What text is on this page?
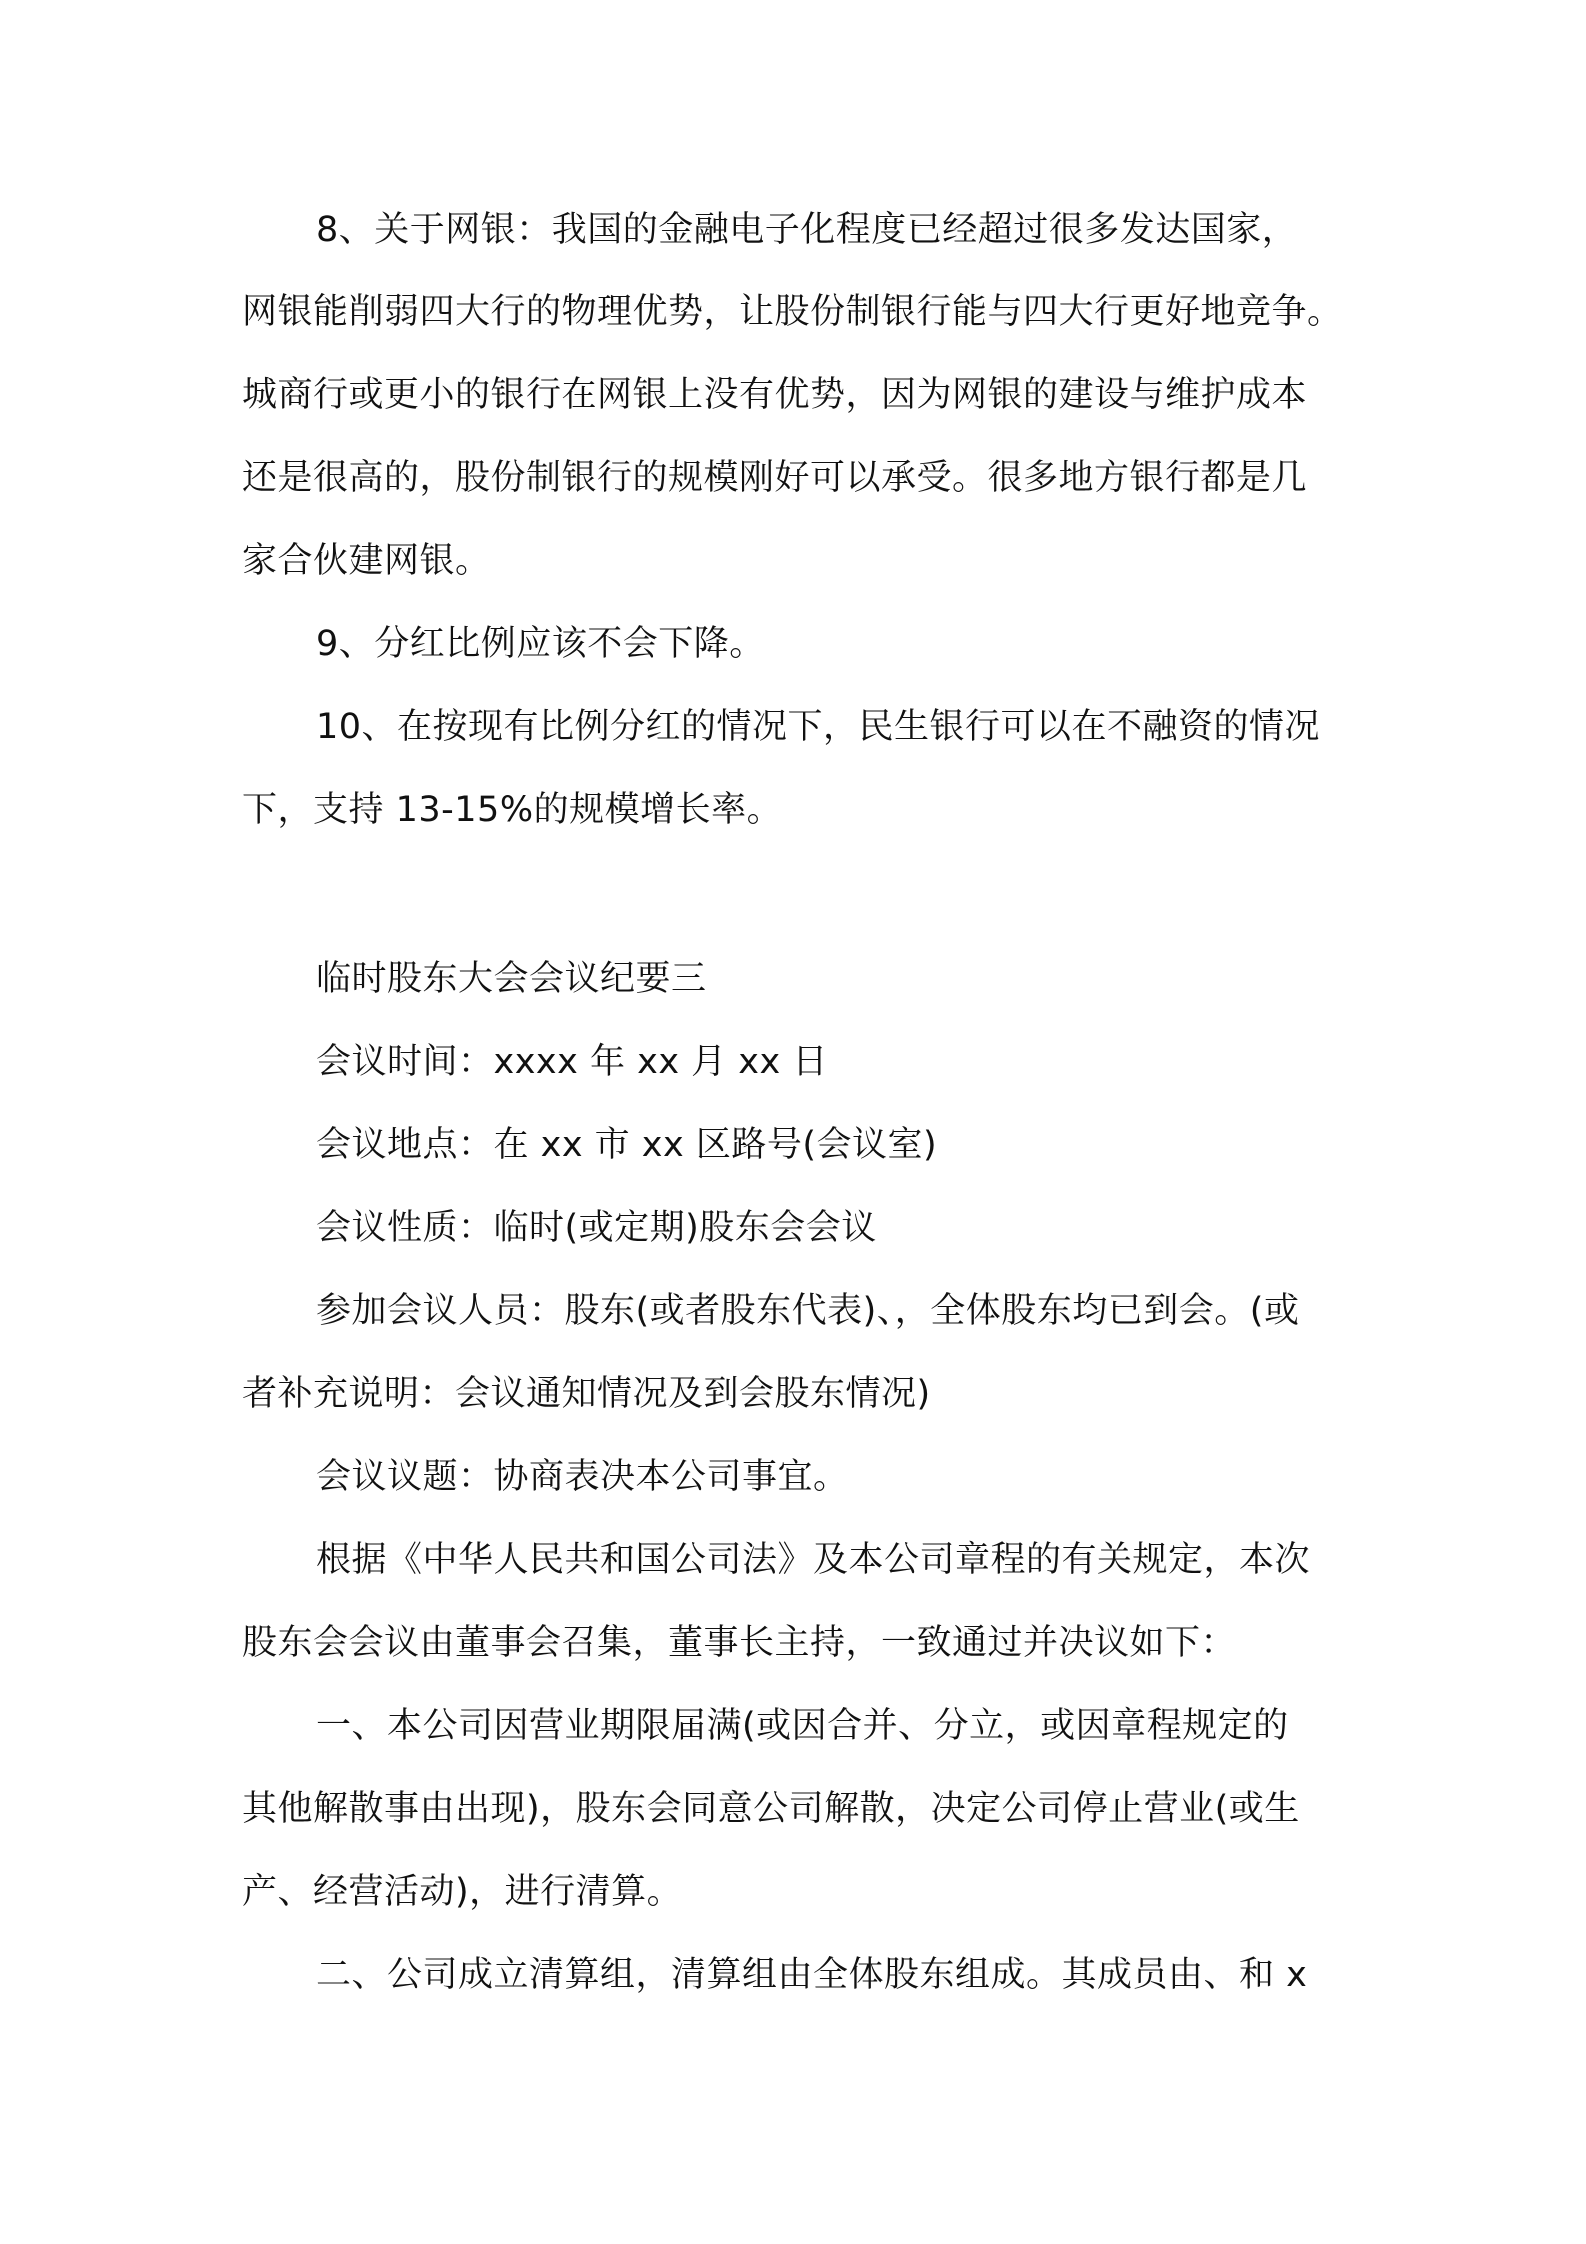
8、关于网银：我国的金融电子化程度已经超过很多发达国家，
网银能削弱四大行的物理优势，让股份制银行能与四大行更好地竞争。
城商行或更小的银行在网银上没有优势，因为网银的建设与维护成本
还是很高的，股份制银行的规模刚好可以承受。很多地方银行都是几
家合伙建网银。
9、分红比例应该不会下降。
10、在按现有比例分红的情况下，民生银行可以在不融资的情况
下，支持 13-15%的规模增长率。
临时股东大会会议纪要三
会议时间：xxxx 年 xx 月 xx 日
会议地点：在 xx 市 xx 区路号(会议室)
会议性质：临时(或定期)股东会会议
参加会议人员：股东(或者股东代表)、，全体股东均已到会。(或
者补充说明：会议通知情况及到会股东情况)
会议议题：协商表决本公司事宜。
根据《中华人民共和国公司法》及本公司章程的有关规定，本次
股东会会议由董事会召集，董事长主持，一致通过并决议如下：
一、本公司因营业期限届满(或因合并、分立，或因章程规定的
其他解散事由出现)，股东会同意公司解散，决定公司停止营业(或生
产、经营活动)，进行清算。
二、公司成立清算组，清算组由全体股东组成。其成员由、和 x
